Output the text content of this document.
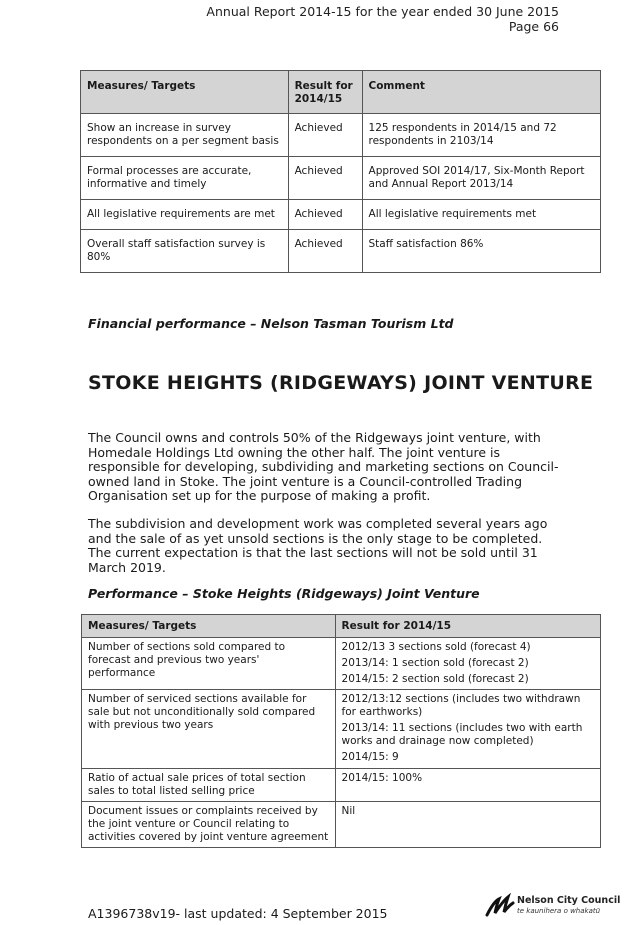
Annual Report 2014-15 for the year ended 30 June 2015
Page 66
Measures/ Targets	Result for 2014/15	Comment
Show an increase in survey respondents on a per segment basis	Achieved	125 respondents in 2014/15 and 72 respondents in 2103/14
Formal processes are accurate, informative and timely	Achieved	Approved SOI 2014/17, Six-Month Report and Annual Report 2013/14
All legislative requirements are met	Achieved	All legislative requirements met
Overall staff satisfaction survey is 80%	Achieved	Staff satisfaction 86%
Financial performance – Nelson Tasman Tourism Ltd
STOKE HEIGHTS (RIDGEWAYS) JOINT VENTURE
The Council owns and controls 50% of the Ridgeways joint venture, with Homedale Holdings Ltd owning the other half. The joint venture is responsible for developing, subdividing and marketing sections on Council-owned land in Stoke. The joint venture is a Council-controlled Trading Organisation set up for the purpose of making a profit.
The subdivision and development work was completed several years ago and the sale of as yet unsold sections is the only stage to be completed. The current expectation is that the last sections will not be sold until 31 March 2019.
Performance – Stoke Heights (Ridgeways) Joint Venture
Measures/ Targets	Result for 2014/15
Number of sections sold compared to forecast and previous two years' performance	2012/13 3 sections sold (forecast 4)
2013/14: 1 section sold (forecast 2)
2014/15: 2 section sold (forecast 2)

Number of serviced sections available for sale but not unconditionally sold compared with previous two years	2012/13:12 sections (includes two withdrawn for earthworks)
2013/14: 11 sections (includes two with earth works and drainage now completed)
2014/15: 9

Ratio of actual sale prices of total section sales to total listed selling price	2014/15: 100%

Document issues or complaints received by the joint venture or Council relating to activities covered by joint venture agreement	Nil
A1396738v19- last updated: 4 September 2015
Nelson City Council
te kaunihera o whakatū
